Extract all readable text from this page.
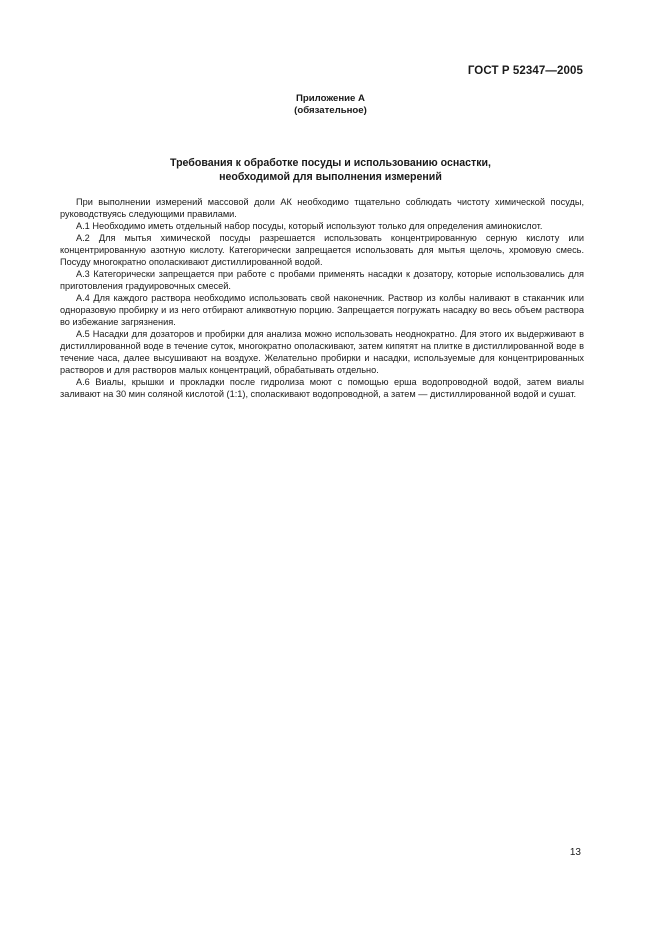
ГОСТ Р 52347—2005
Приложение А
(обязательное)
Требования к обработке посуды и использованию оснастки,
необходимой для выполнения измерений

При выполнении измерений массовой доли АК необходимо тщательно соблюдать чистоту химической посуды, руководствуясь следующими правилами.

А.1 Необходимо иметь отдельный набор посуды, который используют только для определения аминокислот.

А.2 Для мытья химической посуды разрешается использовать концентрированную серную кислоту или концентрированную азотную кислоту. Категорически запрещается использовать для мытья щелочь, хромовую смесь. Посуду многократно ополаскивают дистиллированной водой.

А.3 Категорически запрещается при работе с пробами применять насадки к дозатору, которые использовались для приготовления градуировочных смесей.

А.4 Для каждого раствора необходимо использовать свой наконечник. Раствор из колбы наливают в стаканчик или одноразовую пробирку и из него отбирают аликвотную порцию. Запрещается погружать насадку во весь объем раствора во избежание загрязнения.

А.5 Насадки для дозаторов и пробирки для анализа можно использовать неоднократно. Для этого их выдерживают в дистиллированной воде в течение суток, многократно ополаскивают, затем кипятят на плитке в дистиллированной воде в течение часа, далее высушивают на воздухе. Желательно пробирки и насадки, используемые для концентрированных растворов и для растворов малых концентраций, обрабатывать отдельно.

А.6 Виалы, крышки и прокладки после гидролиза моют с помощью ерша водопроводной водой, затем виалы заливают на 30 мин соляной кислотой (1:1), споласкивают водопроводной, а затем — дистиллированной водой и сушат.

13
